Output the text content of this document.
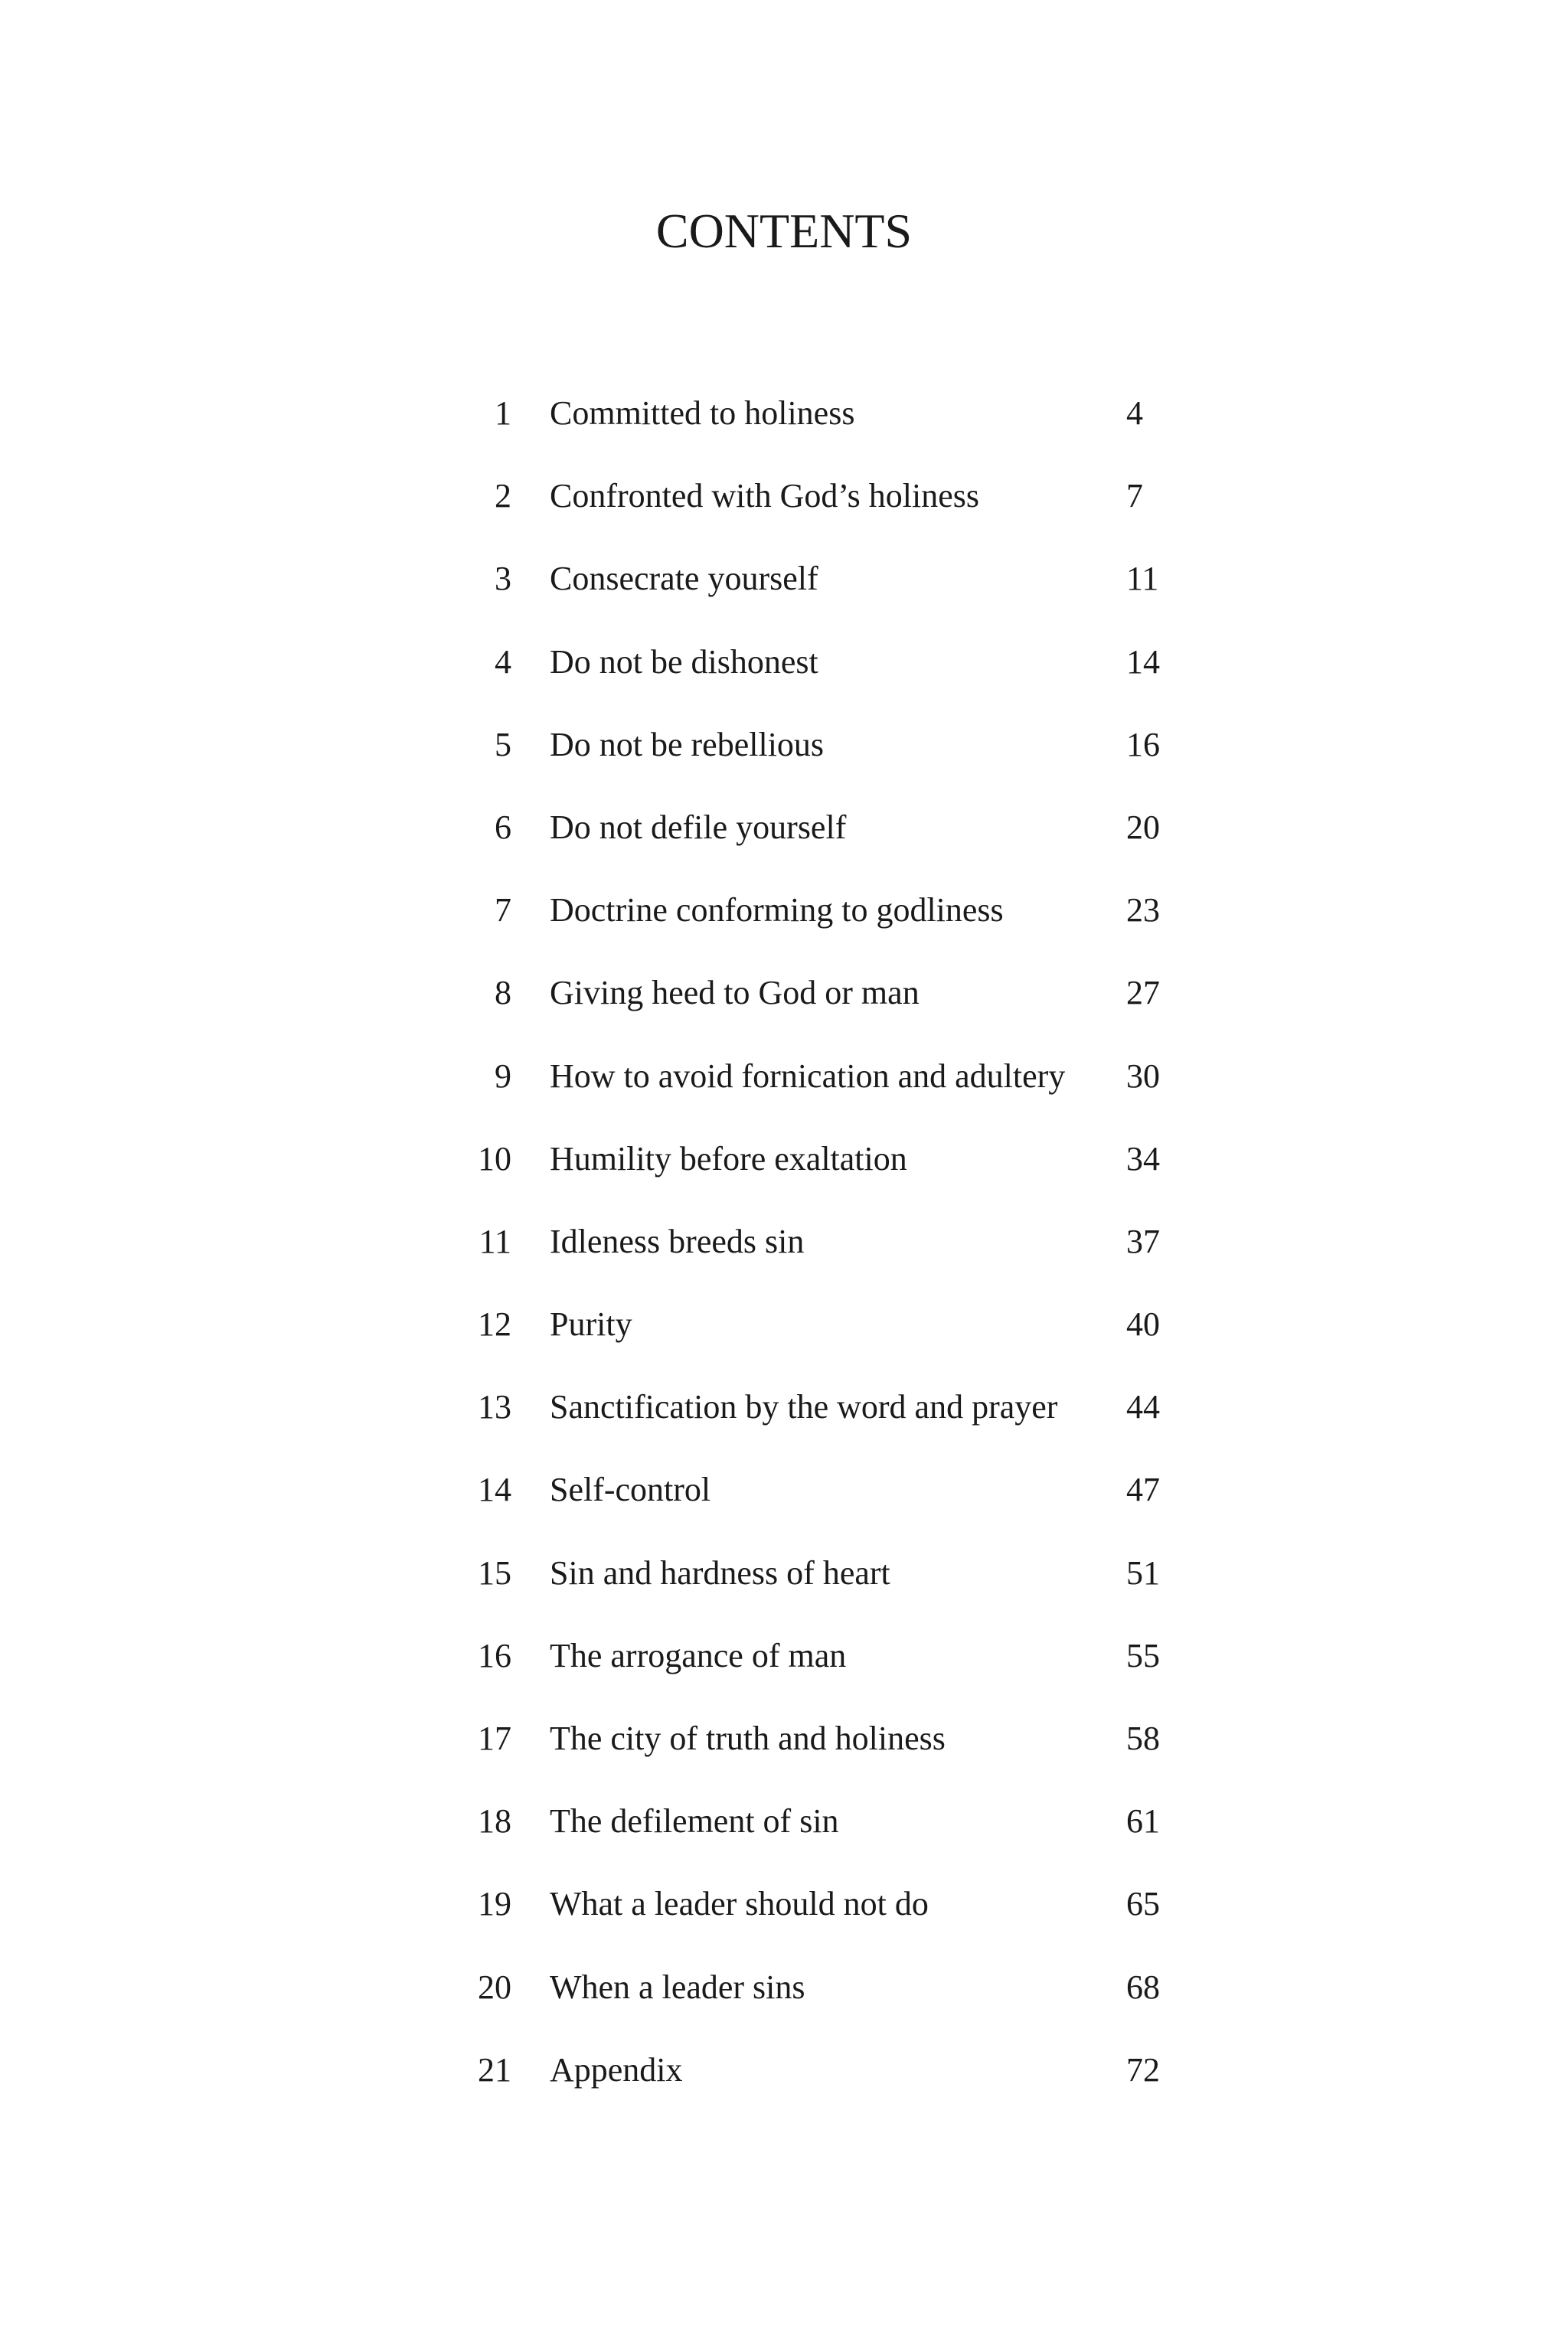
CONTENTS
1 Committed to holiness	4
2 Confronted with God’s holiness	7
3 Consecrate yourself	11
4 Do not be dishonest	14
5 Do not be rebellious	16
6 Do not defile yourself	20
7 Doctrine conforming to godliness	23
8 Giving heed to God or man	27
9 How to avoid fornication and adultery 30
10 Humility before exaltation	34
11 Idleness breeds sin	37
12 Purity	40
13 Sanctification by the word and prayer 44
14 Self-control	47
15 Sin and hardness of heart	51
16 The arrogance of man	55
17 The city of truth and holiness	58
18 The defilement of sin	61
19 What a leader should not do	65
20 When a leader sins	68
21 Appendix	72
